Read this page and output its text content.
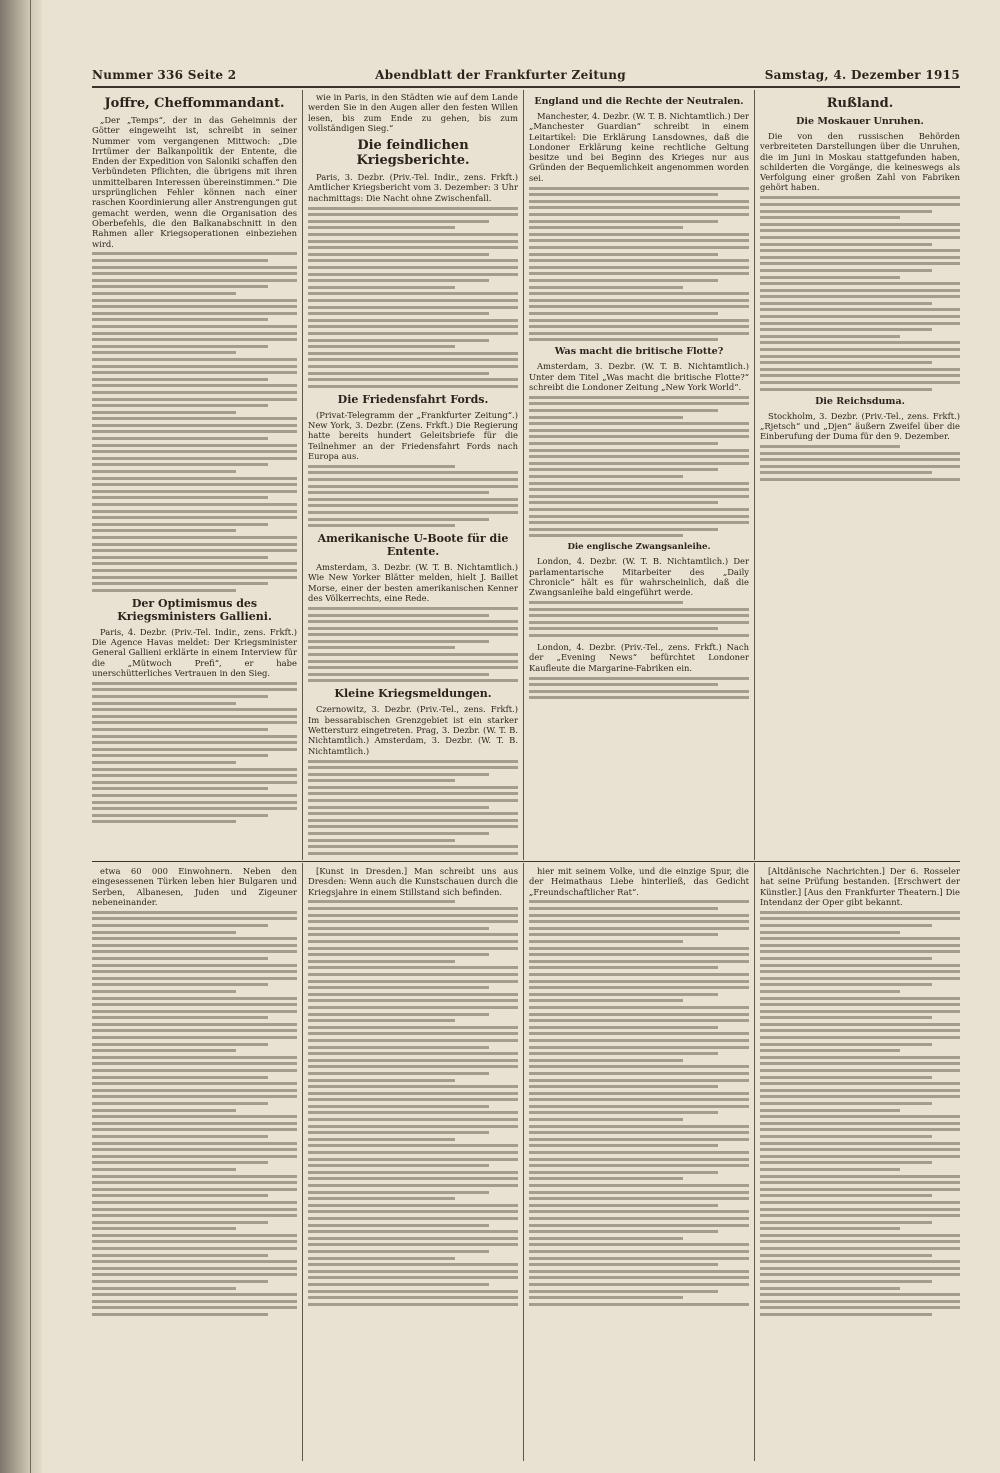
Nummer 336 Seite 2	Abendblatt der Frankfurter Zeitung	Samstag, 4. Dezember 1915
Joffre, Cheffommandant.
„Der „Temps“, der in das Geheimnis der Götter eingeweiht ist, schreibt in seiner Nummer vom vergangenen Mittwoch: „Die Irrtümer der Balkanpolitik der Entente, die Enden der Expedition von Saloniki schaffen den Verbündeten Pflichten, die übrigens mit ihren unmittelbaren Interessen übereinstimmen.“ Die ursprünglichen Fehler können nach einer raschen Koordinierung aller Anstrengungen gut gemacht werden, wenn die Organisation des Oberbefehls, die den Balkanabschnitt in den Rahmen aller Kriegsoperationen einbeziehen wird.
Der Optimismus des Kriegsministers Gallieni.
Paris, 4. Dezbr. (Priv.-Tel. Indir., zens. Frkft.) Die Agence Havas meldet: Der Kriegsminister General Gallieni erklärte in einem Interview für die „Mütwoch Prefi“, er habe unerschütterliches Vertrauen in den Sieg.
wie in Paris, in den Städten wie auf dem Lande werden Sie in den Augen aller den festen Willen lesen, bis zum Ende zu gehen, bis zum vollständigen Sieg.“
Die feindlichen Kriegsberichte.
Paris, 3. Dezbr. (Priv.-Tel. Indir., zens. Frkft.) Amtlicher Kriegsbericht vom 3. Dezember: 3 Uhr nachmittags: Die Nacht ohne Zwischenfall.
Die Friedensfahrt Fords.
(Privat-Telegramm der „Frankfurter Zeitung“.) New York, 3. Dezbr. (Zens. Frkft.) Die Regierung hatte bereits hundert Geleitsbriefe für die Teilnehmer an der Friedensfahrt Fords nach Europa aus.
Amerikanische U-Boote für die Entente.
Amsterdam, 3. Dezbr. (W. T. B. Nichtamtlich.) Wie New Yorker Blätter melden, hielt J. Baillet Morse, einer der besten amerikanischen Kenner des Völkerrechts, eine Rede.
Kleine Kriegsmeldungen.
Czernowitz, 3. Dezbr. (Priv.-Tel., zens. Frkft.) Im bessarabischen Grenzgebiet ist ein starker Wettersturz eingetreten. Prag, 3. Dezbr. (W. T. B. Nichtamtlich.) Amsterdam, 3. Dezbr. (W. T. B. Nichtamtlich.)
England und die Rechte der Neutralen.
Manchester, 4. Dezbr. (W. T. B. Nichtamtlich.) Der „Manchester Guardian“ schreibt in einem Leitartikel: Die Erklärung Lansdownes, daß die Londoner Erklärung keine rechtliche Geltung besitze und bei Beginn des Krieges nur aus Gründen der Bequemlichkeit angenommen worden sei.
Was macht die britische Flotte?
Amsterdam, 3. Dezbr. (W. T. B. Nichtamtlich.) Unter dem Titel „Was macht die britische Flotte?“ schreibt die Londoner Zeitung „New York World“.
Die englische Zwangsanleihe.
London, 4. Dezbr. (W. T. B. Nichtamtlich.) Der parlamentarische Mitarbeiter des „Daily Chronicle“ hält es für wahrscheinlich, daß die Zwangsanleihe bald eingeführt werde.
London, 4. Dezbr. (Priv.-Tel., zens. Frkft.) Nach der „Evening News“ befürchtet Londoner Kaufleute die Margarine-Fabriken ein.
Rußland.
Die Moskauer Unruhen.
Die von den russischen Behörden verbreiteten Darstellungen über die Unruhen, die im Juni in Moskau stattgefunden haben, schilderten die Vorgänge, die keineswegs als Verfolgung einer großen Zahl von Fabriken gehört haben.
Die Reichsduma.
Stockholm, 3. Dezbr. (Priv.-Tel., zens. Frkft.) „Rjetsch“ und „Djen“ äußern Zweifel über die Einberufung der Duma für den 9. Dezember.
etwa 60 000 Einwohnern. Neben den eingesessenen Türken leben hier Bulgaren und Serben, Albanesen, Juden und Zigeuner nebeneinander.
[Kunst in Dresden.] Man schreibt uns aus Dresden: Wenn auch die Kunstschauen durch die Kriegsjahre in einem Stillstand sich befinden.
hier mit seinem Volke, und die einzige Spur, die der Heimathaus Liebe hinterließ, das Gedicht „Freundschaftlicher Rat“.
[Altdänische Nachrichten.] Der 6. Rosseler hat seine Prüfung bestanden. [Erschwert der Künstler.] [Aus den Frankfurter Theatern.] Die Intendanz der Oper gibt bekannt.
